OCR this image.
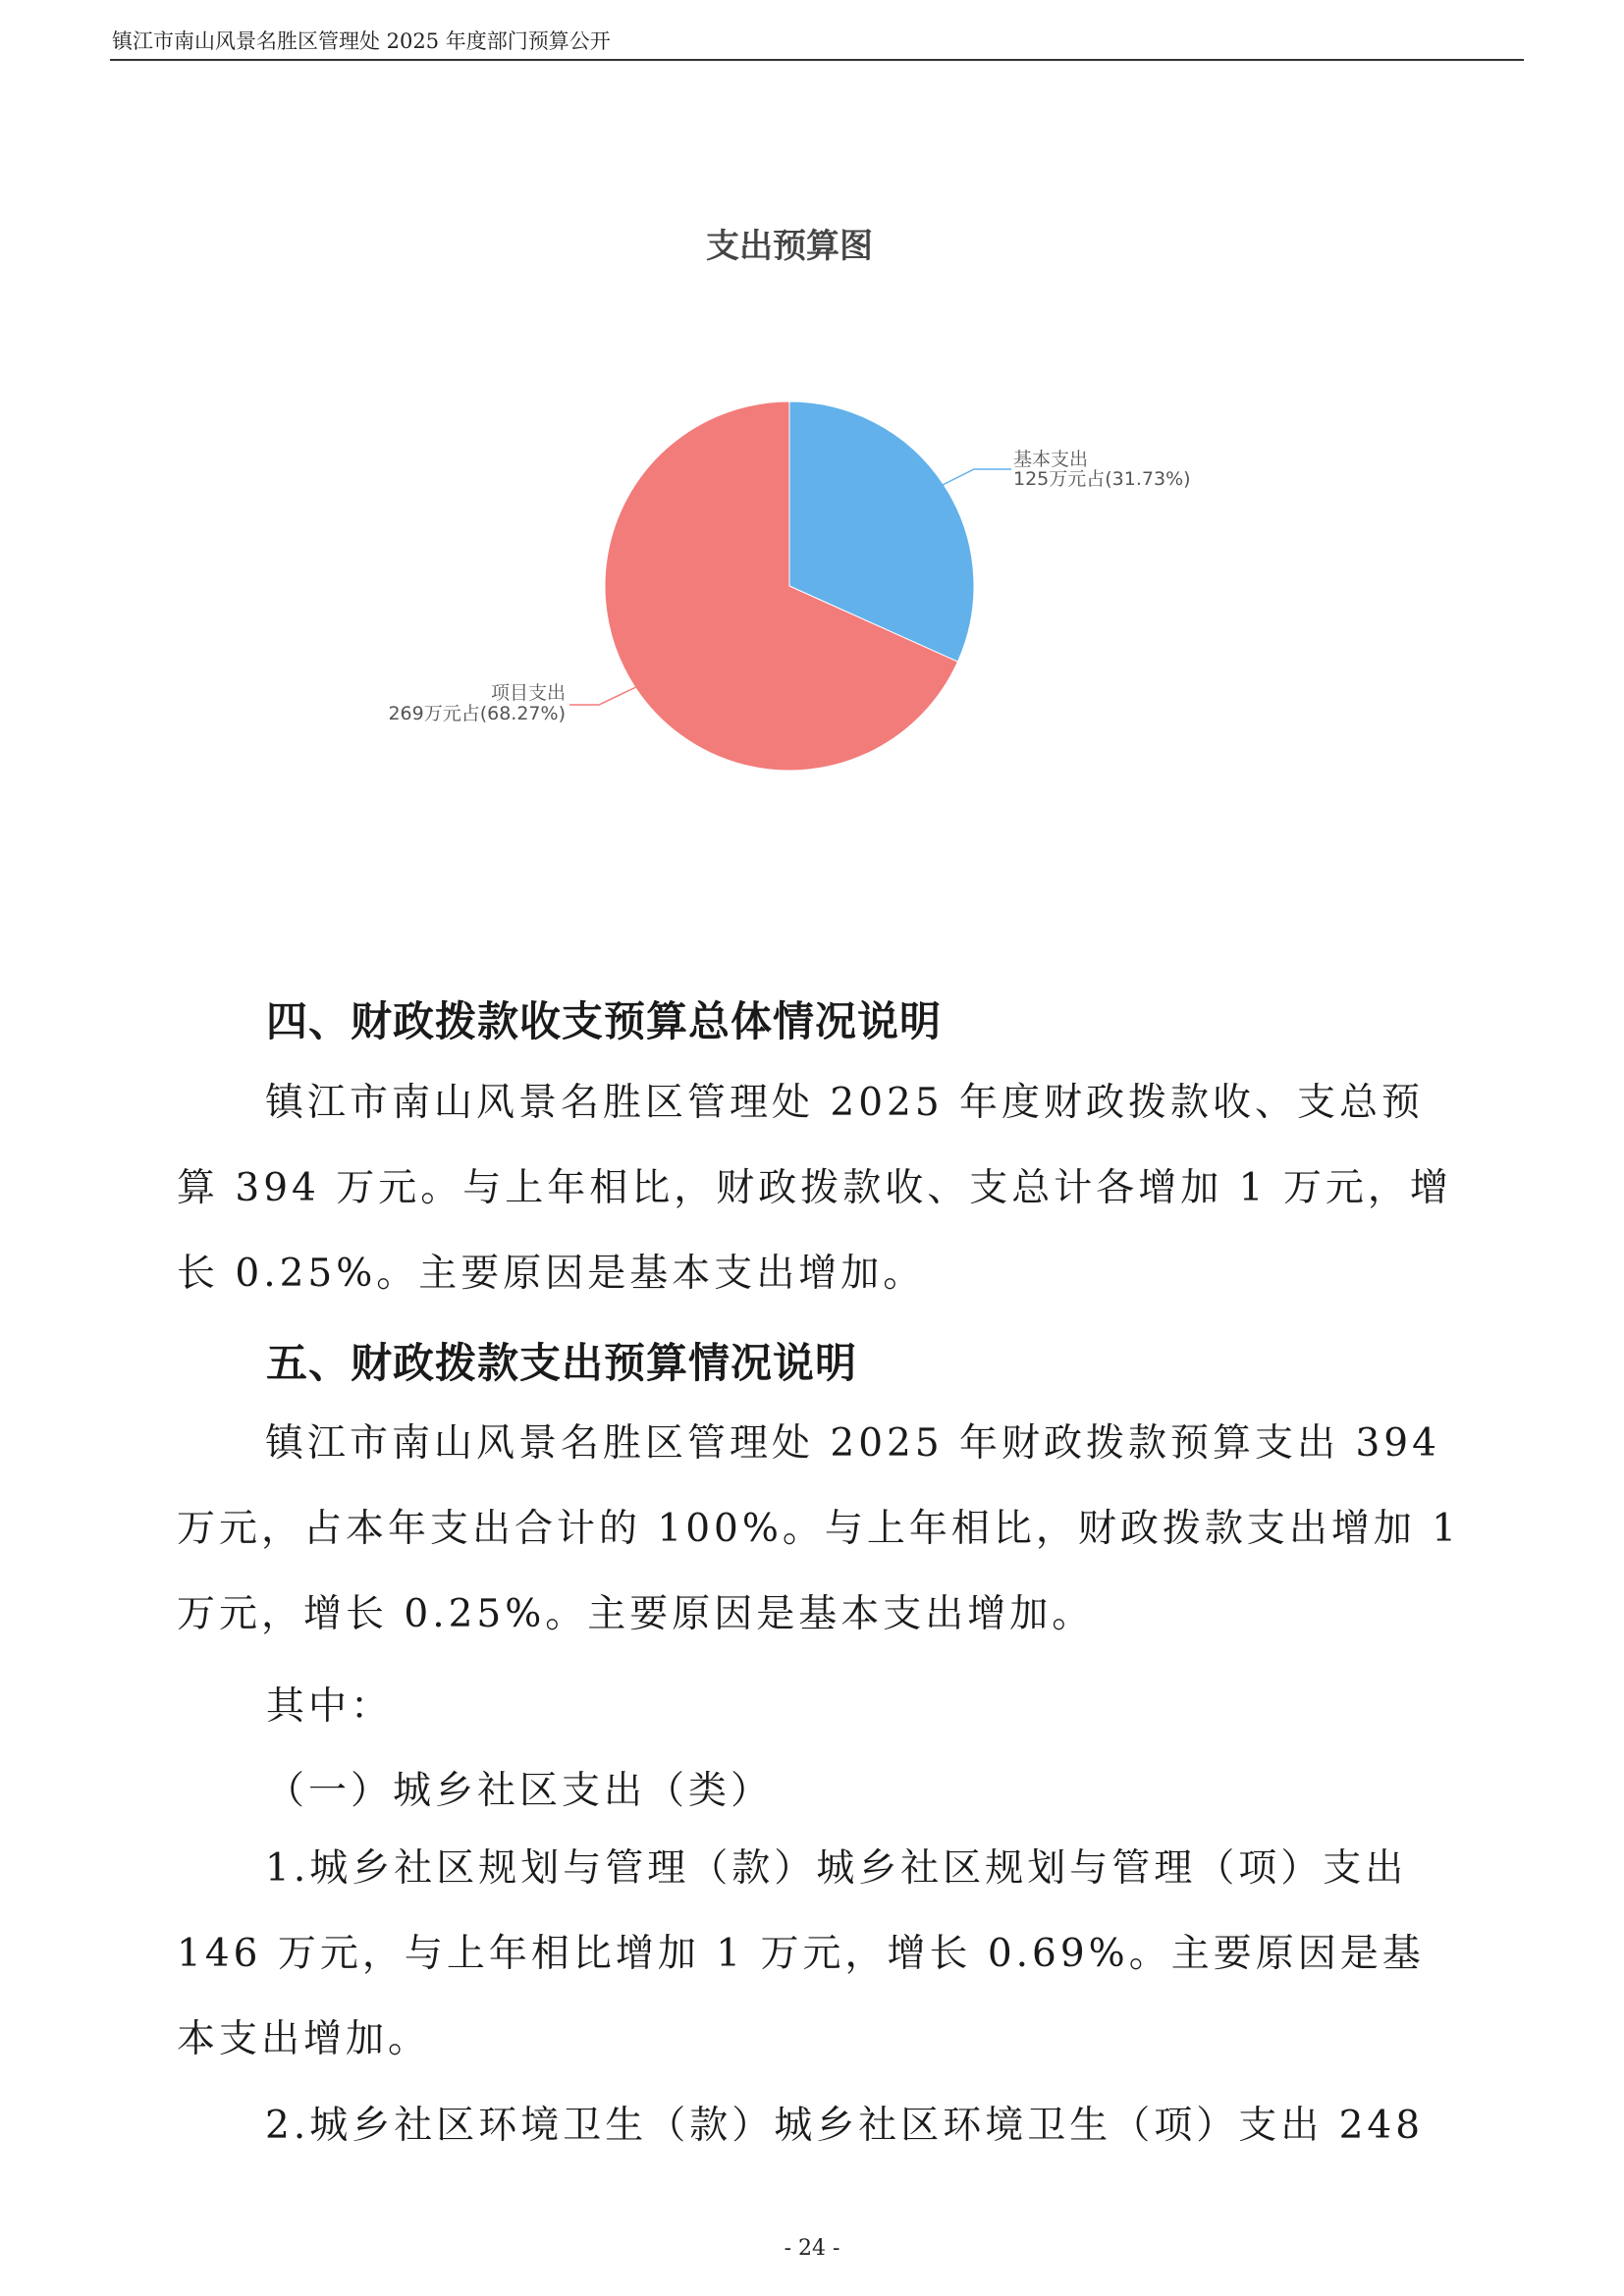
镇江市南山风景名胜区管理处 2025 年度部门预算公开
支出预算图
基本支出
125万元占(31.73%)
项目支出
269万元占(68.27%)
四、财政拨款收支预算总体情况说明

镇江市南山风景名胜区管理处 2025 年度财政拨款收、支总预算 394 万元。与上年相比，财政拨款收、支总计各增加 1 万元，增长 0.25%。主要原因是基本支出增加。

五、财政拨款支出预算情况说明

镇江市南山风景名胜区管理处 2025 年财政拨款预算支出 394 万元，占本年支出合计的 100%。与上年相比，财政拨款支出增加 1 万元，增长 0.25%。主要原因是基本支出增加。

其中：
（一）城乡社区支出（类）

1.城乡社区规划与管理（款）城乡社区规划与管理（项）支出 146 万元，与上年相比增加 1 万元，增长 0.69%。主要原因是基本支出增加。

2.城乡社区环境卫生（款）城乡社区环境卫生（项）支出 248

- 24 -
